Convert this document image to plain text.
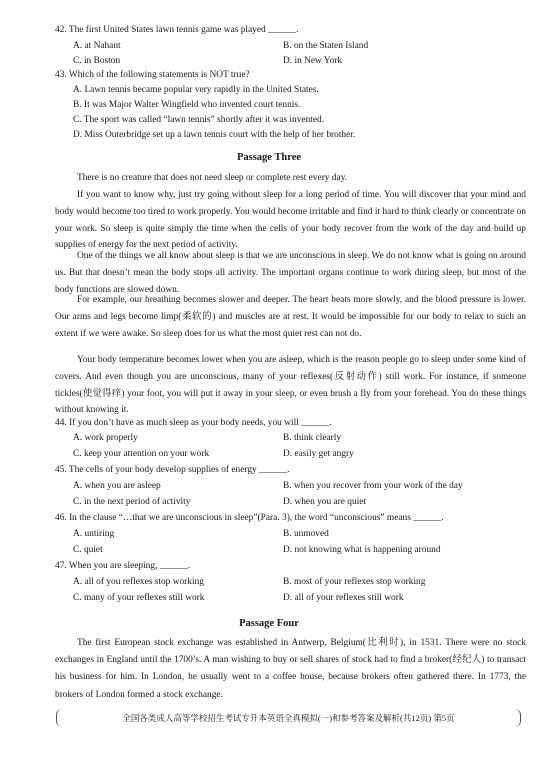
42. The first United States lawn tennis game was played ______.
A. at Nahant	B. on the Staten Island
C. in Boston	D. in New York
43. Which of the following statements is NOT true?
A. Lawn tennis became popular very rapidly in the United States.
B. It was Major Walter Wingfield who invented court tennis.
C. The sport was called “lawn tennis” shortly after it was invented.
D. Miss Outerbridge set up a lawn tennis court with the help of her brother.
Passage Three

There is no creature that does not need sleep or complete rest every day.

If you want to know why, just try going without sleep for a long period of time. You will discover that your mind and body would become too tired to work properly. You would become irritable and find it hard to think clearly or concentrate on your work. So sleep is quite simply the time when the cells of your body recover from the work of the day and build up supplies of energy for the next period of activity.

One of the things we all know about sleep is that we are unconscious in sleep. We do not know what is going on around us. But that doesn’t mean the body stops all activity. The important organs continue to work during sleep, but most of the body functions are slowed down.

For example, our breathing becomes slower and deeper. The heart beats more slowly, and the blood pressure is lower. Our arms and legs become limp(柔软的) and muscles are at rest. It would be impossible for our body to relax to such an extent if we were awake. So sleep does for us what the most quiet rest can not do.

Your body temperature becomes lower when you are asleep, which is the reason people go to sleep under some kind of covers. And even though you are unconscious, many of your reflexes(反射动作) still work. For instance, if someone tickles(使觉得痒) your foot, you will put it away in your sleep, or even brush a fly from your forehead. You do these things without knowing it.

44. If you don’t have as much sleep as your body needs, you will ______.
A. work properly	B. think clearly
C. keep your attention on your work	D. easily get angry
45. The cells of your body develop supplies of energy ______.
A. when you are asleep	B. when you recover from your work of the day
C. in the next period of activity	D. when you are quiet
46. In the clause “…that we are unconscious in sleep”(Para. 3), the word “unconscious” means ______.
A. untiring	B. unmoved
C. quiet	D. not knowing what is happening around
47. When you are sleeping, ______.
A. all of you reflexes stop working	B. most of your reflexes stop working
C. many of your reflexes still work	D. all of your reflexes still work
Passage Four

The first European stock exchange was established in Antwerp, Belgium(比利时), in 1531. There were no stock exchanges in England until the 1700’s. A man wishing to buy or sell shares of stock had to find a broker(经纪人) to transact his business for him. In London, he usually went to a coffee house, because brokers often gathered there. In 1773, the brokers of London formed a stock exchange.

全国各类成人高等学校招生考试专升本英语全真模拟(一)和参考答案及解析(共12页) 第5页
